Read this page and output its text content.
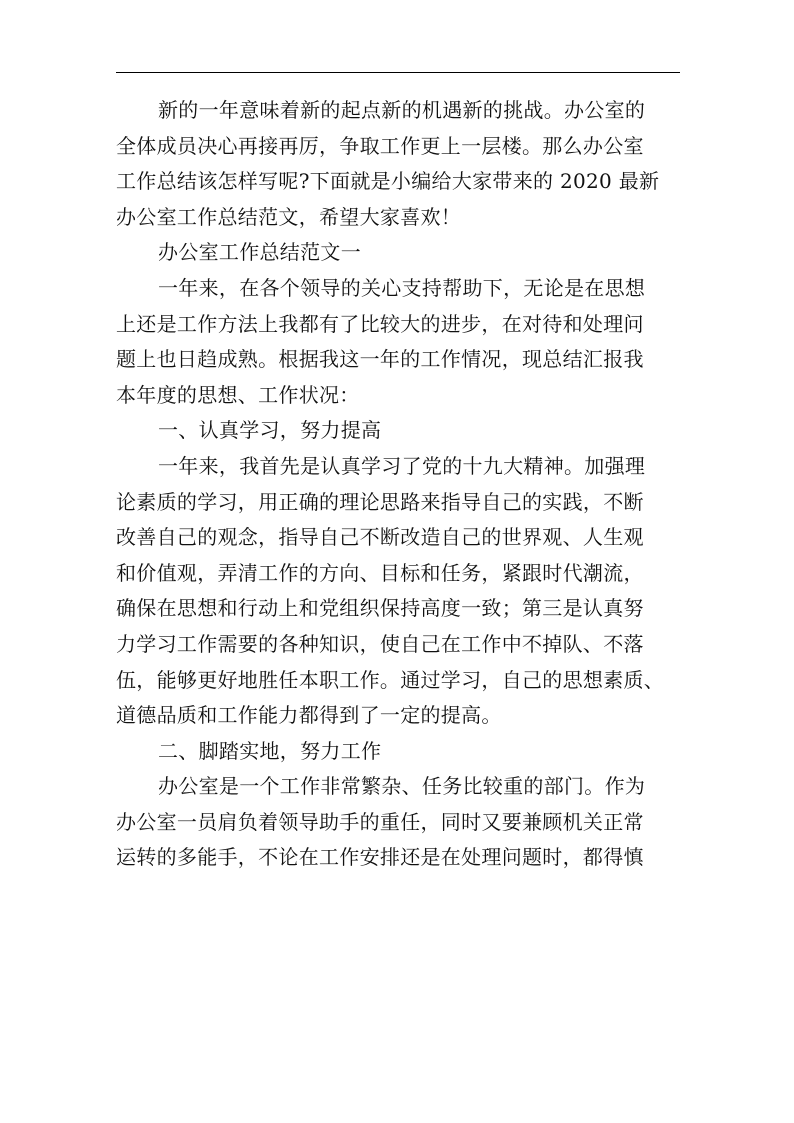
新的一年意味着新的起点新的机遇新的挑战。办公室的
全体成员决心再接再厉，争取工作更上一层楼。那么办公室
工作总结该怎样写呢?下面就是小编给大家带来的 2020 最新
办公室工作总结范文，希望大家喜欢！
办公室工作总结范文一
一年来，在各个领导的关心支持帮助下，无论是在思想
上还是工作方法上我都有了比较大的进步，在对待和处理问
题上也日趋成熟。根据我这一年的工作情况，现总结汇报我
本年度的思想、工作状况：
一、认真学习，努力提高
一年来，我首先是认真学习了党的十九大精神。加强理
论素质的学习，用正确的理论思路来指导自己的实践，不断
改善自己的观念，指导自己不断改造自己的世界观、人生观
和价值观，弄清工作的方向、目标和任务，紧跟时代潮流，
确保在思想和行动上和党组织保持高度一致；第三是认真努
力学习工作需要的各种知识，使自己在工作中不掉队、不落
伍，能够更好地胜任本职工作。通过学习，自己的思想素质、
道德品质和工作能力都得到了一定的提高。
二、脚踏实地，努力工作
办公室是一个工作非常繁杂、任务比较重的部门。作为
办公室一员肩负着领导助手的重任，同时又要兼顾机关正常
运转的多能手，不论在工作安排还是在处理问题时，都得慎
